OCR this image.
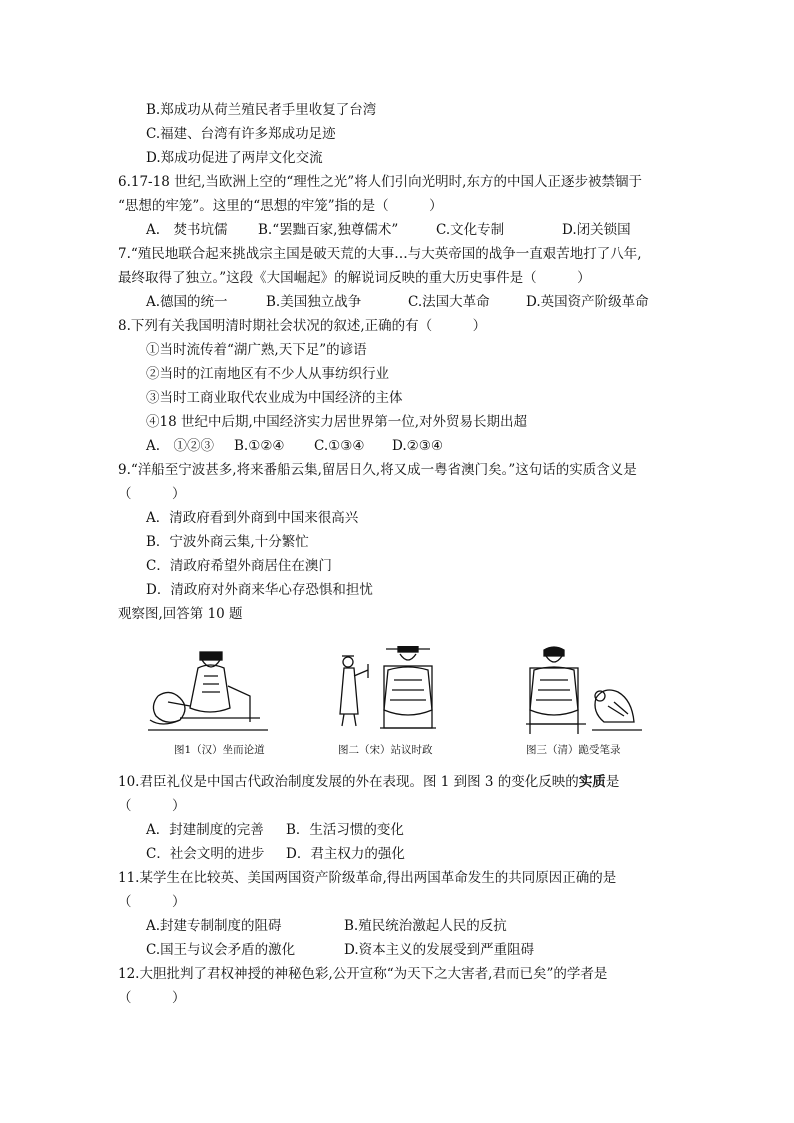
B.郑成功从荷兰殖民者手里收复了台湾
C.福建、台湾有许多郑成功足迹
D.郑成功促进了两岸文化交流
6.17-18 世纪,当欧洲上空的“理性之光”将人们引向光明时,东方的中国人正逐步被禁锢于
“思想的牢笼”。这里的“思想的牢笼”指的是（　　　）
A.　焚书坑儒 B.“罢黜百家,独尊儒术”	C.文化专制	D.闭关锁国
7.“殖民地联合起来挑战宗主国是破天荒的大事…与大英帝国的战争一直艰苦地打了八年,
最终取得了独立。”这段《大国崛起》的解说词反映的重大历史事件是（　　　）
A.德国的统一	B.美国独立战争	C.法国大革命	D.英国资产阶级革命
8.下列有关我国明清时期社会状况的叙述,正确的有（　　　）
①当时流传着“湖广熟,天下足”的谚语
②当时的江南地区有不少人从事纺织行业
③当时工商业取代农业成为中国经济的主体
④18 世纪中后期,中国经济实力居世界第一位,对外贸易长期出超
A.　①②③ B.①②④ C.①③④ D.②③④
9.“洋船至宁波甚多,将来番船云集,留居日久,将又成一粤省澳门矣。”这句话的实质含义是
（　　　）
A．清政府看到外商到中国来很高兴
B．宁波外商云集,十分繁忙
C．清政府希望外商居住在澳门
D．清政府对外商来华心存恐惧和担忧
观察图,回答第 10 题
图1（汉）坐而论道	图二（宋）站议时政	图三（清）跪受笔录
10.君臣礼仪是中国古代政治制度发展的外在表现。图 1 到图 3 的变化反映的实质是
（　　　）
A．封建制度的完善 B．生活习惯的变化
C．社会文明的进步 D．君主权力的强化
11.某学生在比较英、美国两国资产阶级革命,得出两国革命发生的共同原因正确的是
（　　　）
A.封建专制制度的阻碍	B.殖民统治激起人民的反抗
C.国王与议会矛盾的激化	D.资本主义的发展受到严重阻碍
12.大胆批判了君权神授的神秘色彩,公开宣称“为天下之大害者,君而已矣”的学者是
（　　　）
